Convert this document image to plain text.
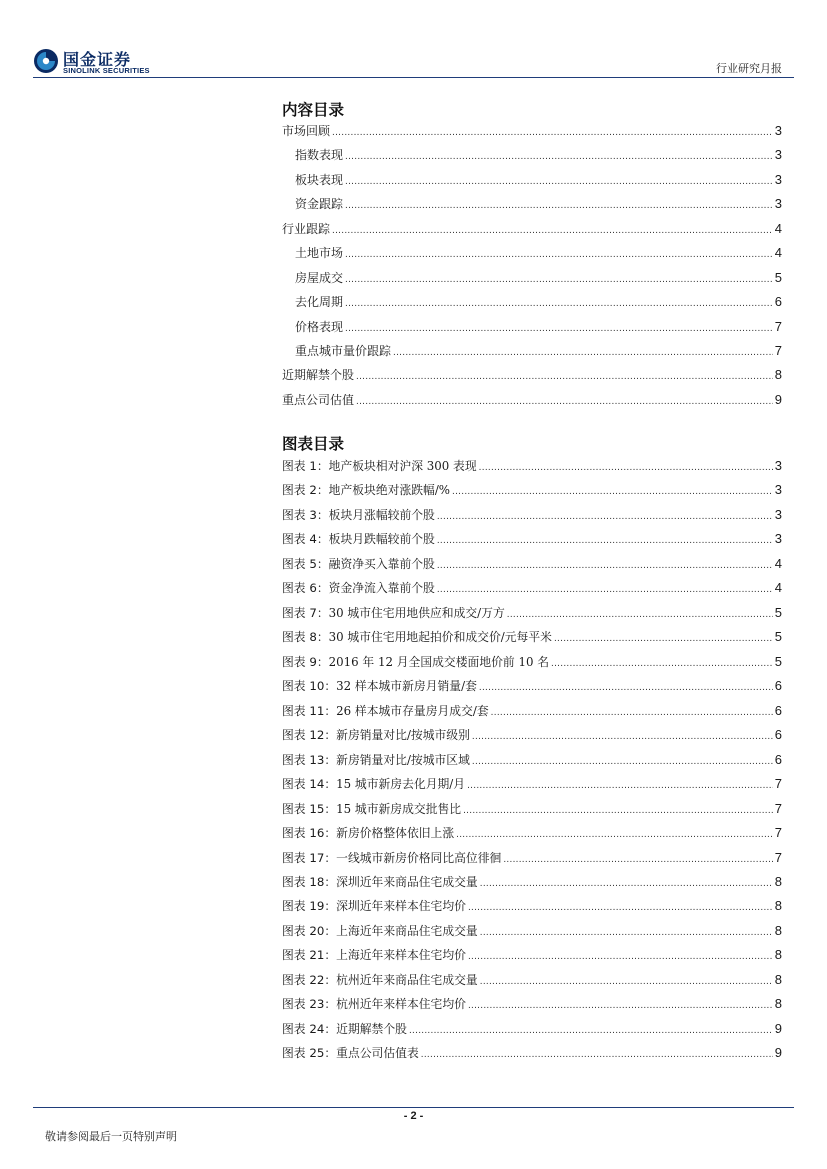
国金证券
SINOLINK SECURITIES	行业研究月报
内容目录
市场回顾 .....	3
指数表现 .....	3
板块表现 .....	3
资金跟踪 .....	3
行业跟踪 .....	4
土地市场 .....	4
房屋成交 .....	5
去化周期 .....	6
价格表现 .....	7
重点城市量价跟踪 .....	7
近期解禁个股 .....	8
重点公司估值 .....	9
图表目录
图表 1：地产板块相对沪深 300 表现 .....	3
图表 2：地产板块绝对涨跌幅/% .....	3
图表 3：板块月涨幅较前个股 .....	3
图表 4：板块月跌幅较前个股 .....	3
图表 5：融资净买入靠前个股 .....	4
图表 6：资金净流入靠前个股 .....	4
图表 7：30 城市住宅用地供应和成交/万方 .....	5
图表 8：30 城市住宅用地起拍价和成交价/元每平米 .....	5
图表 9：2016 年 12 月全国成交楼面地价前 10 名 .....	5
图表 10：32 样本城市新房月销量/套 .....	6
图表 11：26 样本城市存量房月成交/套 .....	6
图表 12：新房销量对比/按城市级别 .....	6
图表 13：新房销量对比/按城市区域 .....	6
图表 14：15 城市新房去化月期/月 .....	7
图表 15：15 城市新房成交批售比 .....	7
图表 16：新房价格整体依旧上涨 .....	7
图表 17：一线城市新房价格同比高位徘徊 .....	7
图表 18：深圳近年来商品住宅成交量 .....	8
图表 19：深圳近年来样本住宅均价 .....	8
图表 20：上海近年来商品住宅成交量 .....	8
图表 21：上海近年来样本住宅均价 .....	8
图表 22：杭州近年来商品住宅成交量 .....	8
图表 23：杭州近年来样本住宅均价 .....	8
图表 24：近期解禁个股 .....	9
图表 25：重点公司估值表 .....	9
- 2 -
敬请参阅最后一页特别声明
